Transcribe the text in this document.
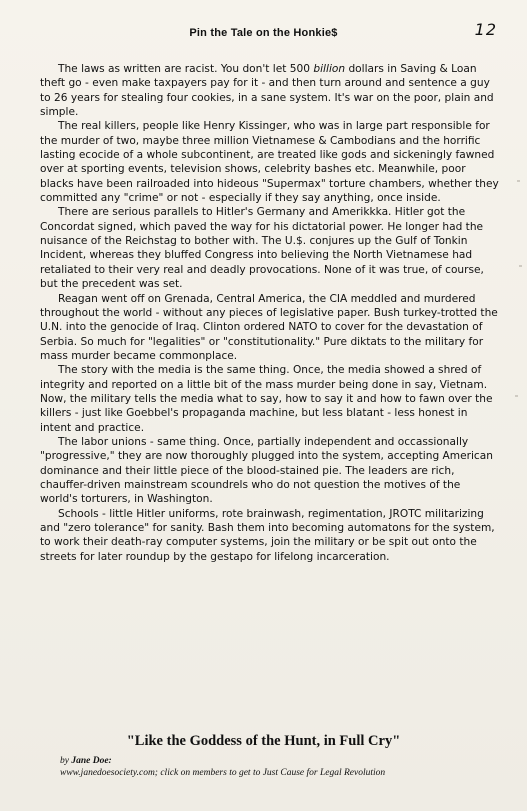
Pin the Tale on the Honkie$	12

The laws as written are racist. You don't let 500 billion dollars in Saving & Loan theft go - even make taxpayers pay for it - and then turn around and sentence a guy to 26 years for stealing four cookies, in a sane system. It's war on the poor, plain and simple.

The real killers, people like Henry Kissinger, who was in large part responsible for the murder of two, maybe three million Vietnamese & Cambodians and the horrific lasting ecocide of a whole subcontinent, are treated like gods and sickeningly fawned over at sporting events, television shows, celebrity bashes etc. Meanwhile, poor blacks have been railroaded into hideous "Supermax" torture chambers, whether they committed any "crime" or not - especially if they say anything, once inside.

There are serious parallels to Hitler's Germany and Amerikkka. Hitler got the Concordat signed, which paved the way for his dictatorial power. He longer had the nuisance of the Reichstag to bother with. The U.$. conjures up the Gulf of Tonkin Incident, whereas they bluffed Congress into believing the North Vietnamese had retaliated to their very real and deadly provocations. None of it was true, of course, but the precedent was set.

Reagan went off on Grenada, Central America, the CIA meddled and murdered throughout the world - without any pieces of legislative paper. Bush turkey-trotted the U.N. into the genocide of Iraq. Clinton ordered NATO to cover for the devastation of Serbia. So much for "legalities" or "constitutionality." Pure diktats to the military for mass murder became commonplace.

The story with the media is the same thing. Once, the media showed a shred of integrity and reported on a little bit of the mass murder being done in say, Vietnam. Now, the military tells the media what to say, how to say it and how to fawn over the killers - just like Goebbel's propaganda machine, but less blatant - less honest in intent and practice.

The labor unions - same thing. Once, partially independent and occassionally "progressive," they are now thoroughly plugged into the system, accepting American dominance and their little piece of the blood-stained pie. The leaders are rich, chauffer-driven mainstream scoundrels who do not question the motives of the world's torturers, in Washington.

Schools - little Hitler uniforms, rote brainwash, regimentation, JROTC militarizing and "zero tolerance" for sanity. Bash them into becoming automatons for the system, to work their death-ray computer systems, join the military or be spit out onto the streets for later roundup by the gestapo for lifelong incarceration.

"Like the Goddess of the Hunt, in Full Cry"
by Jane Doe:
www.janedoesociety.com; click on members to get to Just Cause for Legal Revolution
